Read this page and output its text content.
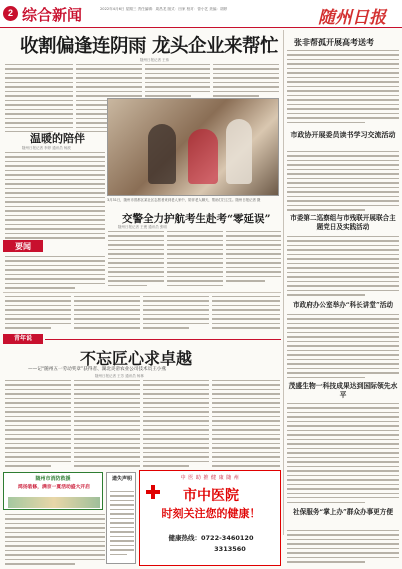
2 综合新闻	2022年4月6日 星期三 责任编辑：周昌龙 版式：田家 校对：曾小艺 美编：胡婷	随州日报
收割偏逢连阴雨 龙头企业来帮忙
随州日报记者 王伟
温暖的陪伴
随州日报记者 李婷 通讯员 杨波
3月31日，随州市曾都区某社区志愿者来到老人家中，陪伴老人聊天，帮助打扫卫生。随州日报记者 摄
交警全力护航考生赴考“零延误”
随州日报记者 王俊 通讯员 张明
要闻
张非帮孤开展高考送考
市政协开展委员读书学习交流活动
市委第二巡察组与市残联开展联合主题党日及实践活动
市政府办公室举办“科长讲堂”活动
茂盛生物一科技成果达到国际领先水平
社保服务“掌上办”群众办事更方便
青年说
不忘匠心求卓越
——记“随州五一劳动奖章”获得者、湖北炎帝农业公司技术员王小燕
随州日报记者 王芳 通讯员 杨林
随州市消防救援
鸿扬装修，满京一夏活动盛大开启
遗失声明	中 医 助 推 健 康 随 州
市中医院
时刻关注您的健康！
健康热线：0722-3460120
3313560
